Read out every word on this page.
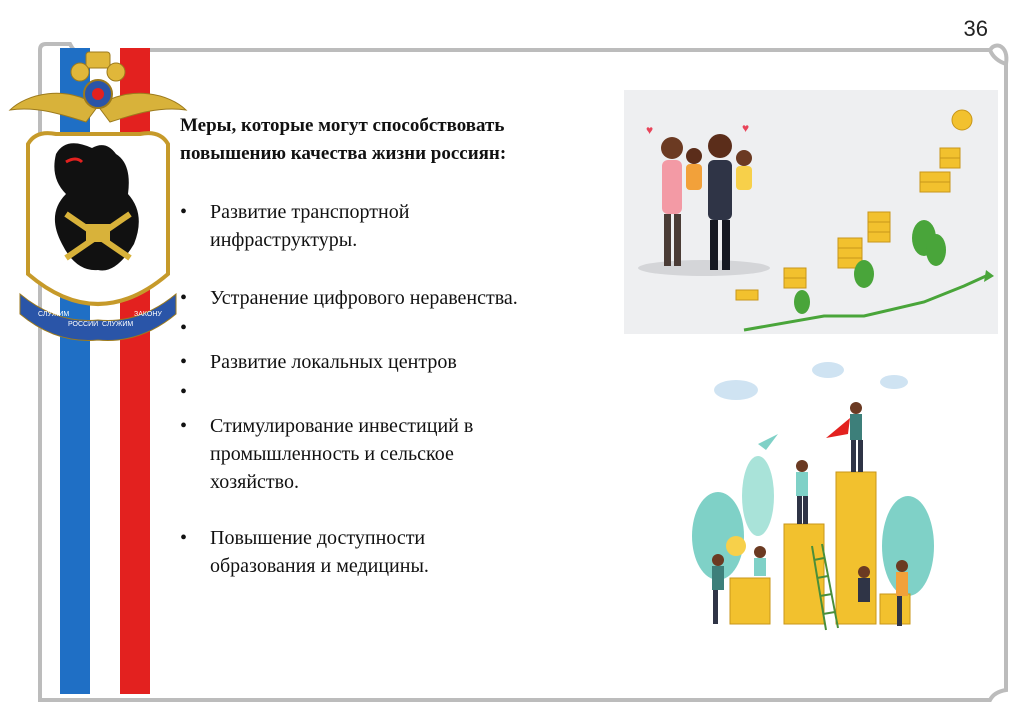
36
СЛУЖИМ
РОССИИ СЛУЖИМ
ЗАКОНУ
Меры, которые могут способствовать
повышению качества жизни россиян:
• Развитие транспортной
инфраструктуры.
• Устранение цифрового неравенства.
•
• Развитие локальных центров
•
• Стимулирование инвестиций в
промышленность и сельское
хозяйство.
• Повышение доступности
образования и медицины.
♥	♥
